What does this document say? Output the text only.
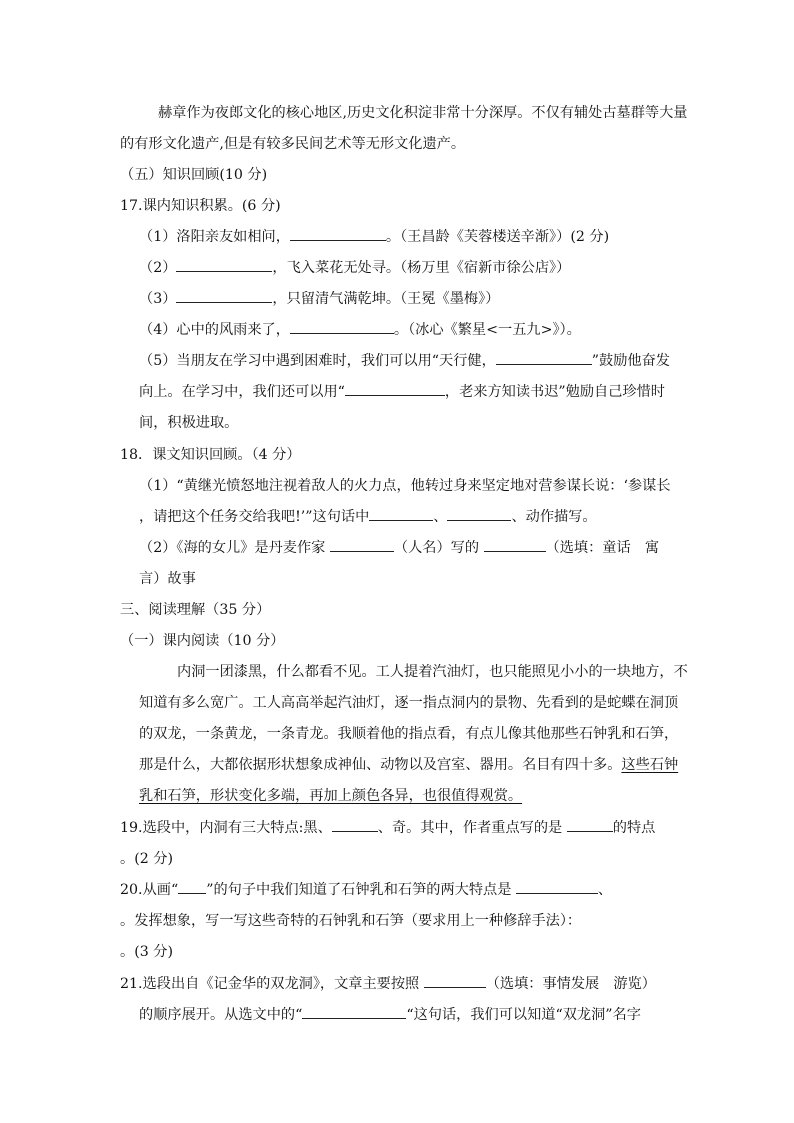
赫章作为夜郎文化的核心地区,历史文化积淀非常十分深厚。不仅有辅处古墓群等大量
的有形文化遗产,但是有较多民间艺术等无形文化遗产。
（五）知识回顾(10 分)
17.课内知识积累。(6 分)
（1）洛阳亲友如相问，	。（王昌龄《芙蓉楼送辛渐》）(2 分)
（2）	，飞入菜花无处寻。（杨万里《宿新市徐公店》）
（3）	，只留清气满乾坤。（王冕《墨梅》）
（4）心中的风雨来了，	。（冰心《繁星<一五九>》）。
（5）当朋友在学习中遇到困难时，我们可以用“天行健，	”鼓励他奋发
向上。在学习中，我们还可以用“	，老来方知读书迟”勉励自己珍惜时
间，积极进取。
18．课文知识回顾。（4 分）
（1）“黄继光愤怒地注视着敌人的火力点，他转过身来坚定地对营参谋长说：‘参谋长
，请把这个任务交给我吧!’”这句话中	、	、动作描写。
（2）《海的女儿》是丹麦作家	（人名）写的	（选填：童话　寓
言）故事
三、阅读理解（35 分）
（一）课内阅读（10 分）
内洞一团漆黑，什么都看不见。工人提着汽油灯，也只能照见小小的一块地方，不
知道有多么宽广。工人高高举起汽油灯，逐一指点洞内的景物、先看到的是蛇蝶在洞顶
的双龙，一条黄龙，一条青龙。我顺着他的指点看，有点儿像其他那些石钟乳和石笋，
那是什么，大都依据形状想象成神仙、动物以及宫室、器用。名目有四十多。这些石钟
乳和石笋，形状变化多端，再加上颜色各异，也很值得观赏。
19.选段中，内洞有三大特点:黑、	、奇。其中，作者重点写的是	的特点
。(2 分)
20.从画“ ”的句子中我们知道了石钟乳和石笋的两大特点是	、
。发挥想象，写一写这些奇特的石钟乳和石笋（要求用上一种修辞手法）：
。(3 分)
21.选段出自《记金华的双龙洞》，文章主要按照	（选填：事情发展　游览）
的顺序展开。从选文中的“	“这句话，我们可以知道“双龙洞”名字
